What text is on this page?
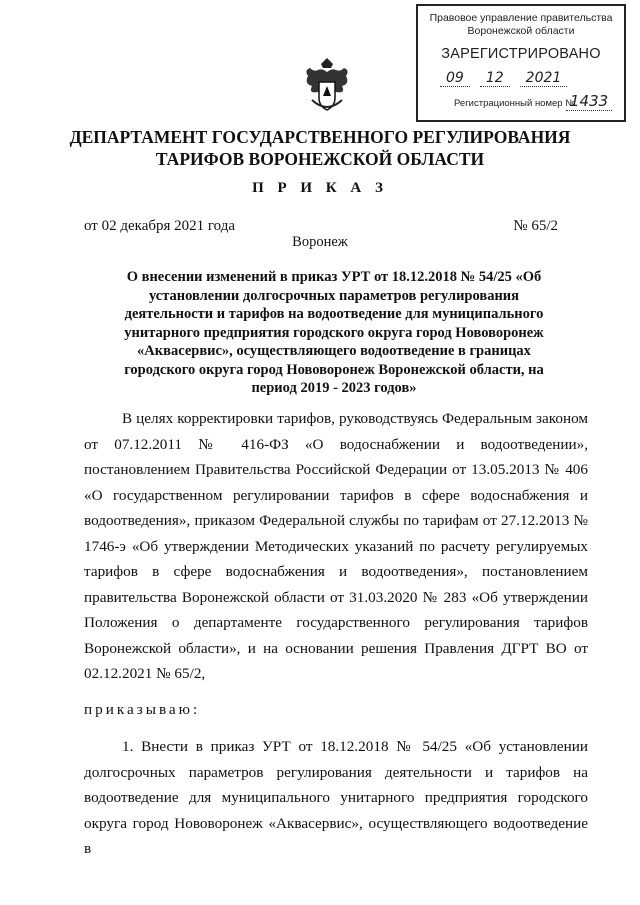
Правовое управление правительства
Воронежской области
ЗАРЕГИСТРИРОВАНО
09 12 2021
Регистрационный номер №
1433
ДЕПАРТАМЕНТ ГОСУДАРСТВЕННОГО РЕГУЛИРОВАНИЯ
ТАРИФОВ ВОРОНЕЖСКОЙ ОБЛАСТИ
П Р И К А З
от 02 декабря 2021 года	№ 65/2
Воронеж
О внесении изменений в приказ УРТ от 18.12.2018 № 54/25 «Об установлении долгосрочных параметров регулирования деятельности и тарифов на водоотведение для муниципального унитарного предприятия городского округа город Нововоронеж «Аквасервис», осуществляющего водоотведение в границах городского округа город Нововоронеж Воронежской области, на период 2019 - 2023 годов»

В целях корректировки тарифов, руководствуясь Федеральным законом от 07.12.2011 № 416-ФЗ «О водоснабжении и водоотведении», постановлением Правительства Российской Федерации от 13.05.2013 № 406 «О государственном регулировании тарифов в сфере водоснабжения и водоотведения», приказом Федеральной службы по тарифам от 27.12.2013 № 1746-э «Об утверждении Методических указаний по расчету регулируемых тарифов в сфере водоснабжения и водоотведения», постановлением правительства Воронежской области от 31.03.2020 № 283 «Об утверждении Положения о департаменте государственного регулирования тарифов Воронежской области», и на основании решения Правления ДГРТ ВО от 02.12.2021 № 65/2,

приказываю:

1. Внести в приказ УРТ от 18.12.2018 № 54/25 «Об установлении долгосрочных параметров регулирования деятельности и тарифов на водоотведение для муниципального унитарного предприятия городского округа город Нововоронеж «Аквасервис», осуществляющего водоотведение в
